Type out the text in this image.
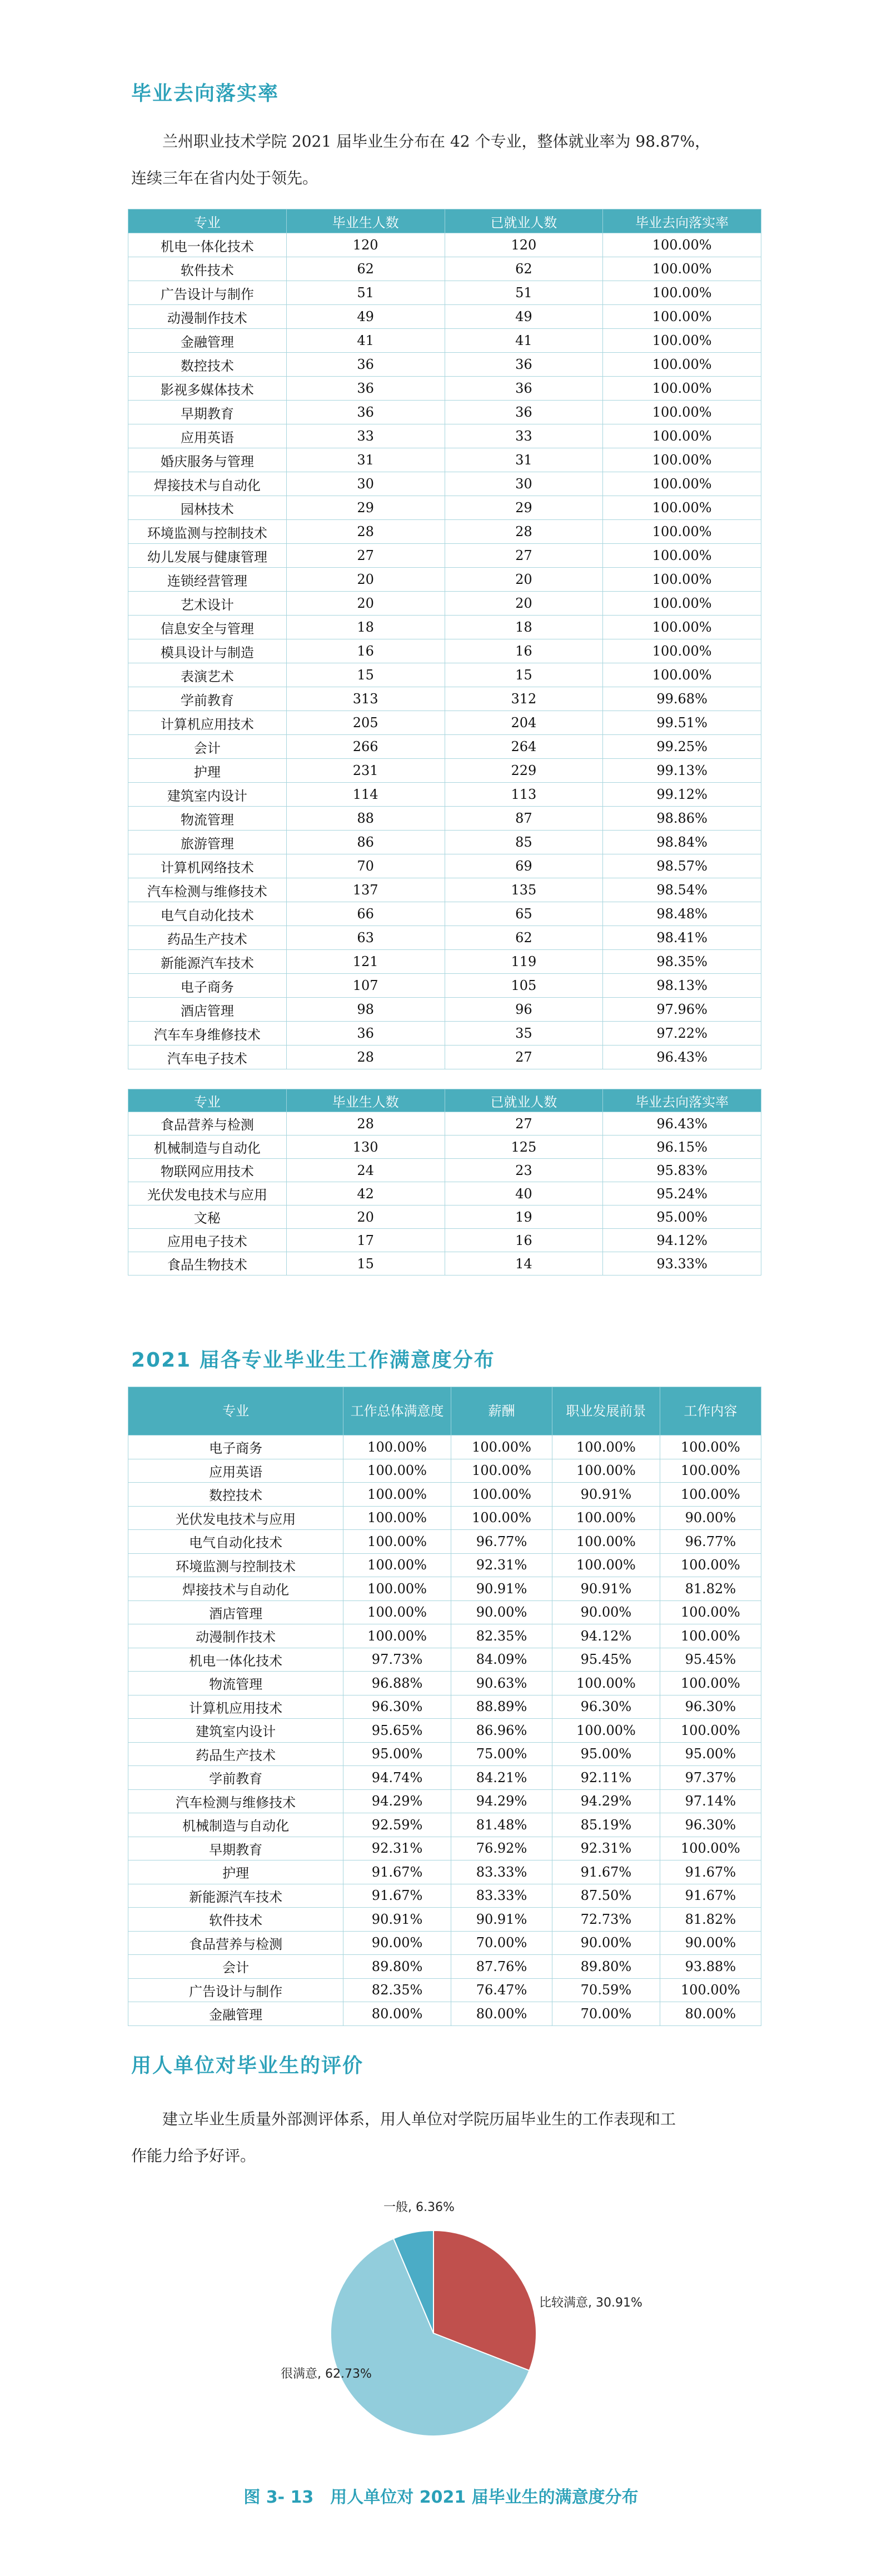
毕业去向落实率

兰州职业技术学院 2021 届毕业生分布在 42 个专业，整体就业率为 98.87%，

连续三年在省内处于领先。

专业	毕业生人数	已就业人数	毕业去向落实率
机电一体化技术	120	120	100.00%
软件技术	62	62	100.00%
广告设计与制作	51	51	100.00%
动漫制作技术	49	49	100.00%
金融管理	41	41	100.00%
数控技术	36	36	100.00%
影视多媒体技术	36	36	100.00%
早期教育	36	36	100.00%
应用英语	33	33	100.00%
婚庆服务与管理	31	31	100.00%
焊接技术与自动化	30	30	100.00%
园林技术	29	29	100.00%
环境监测与控制技术	28	28	100.00%
幼儿发展与健康管理	27	27	100.00%
连锁经营管理	20	20	100.00%
艺术设计	20	20	100.00%
信息安全与管理	18	18	100.00%
模具设计与制造	16	16	100.00%
表演艺术	15	15	100.00%
学前教育	313	312	99.68%
计算机应用技术	205	204	99.51%
会计	266	264	99.25%
护理	231	229	99.13%
建筑室内设计	114	113	99.12%
物流管理	88	87	98.86%
旅游管理	86	85	98.84%
计算机网络技术	70	69	98.57%
汽车检测与维修技术	137	135	98.54%
电气自动化技术	66	65	98.48%
药品生产技术	63	62	98.41%
新能源汽车技术	121	119	98.35%
电子商务	107	105	98.13%
酒店管理	98	96	97.96%
汽车车身维修技术	36	35	97.22%
汽车电子技术	28	27	96.43%
专业	毕业生人数	已就业人数	毕业去向落实率
食品营养与检测	28	27	96.43%
机械制造与自动化	130	125	96.15%
物联网应用技术	24	23	95.83%
光伏发电技术与应用	42	40	95.24%
文秘	20	19	95.00%
应用电子技术	17	16	94.12%
食品生物技术	15	14	93.33%
2021 届各专业毕业生工作满意度分布
专业	工作总体满意度	薪酬	职业发展前景	工作内容
电子商务	100.00%	100.00%	100.00%	100.00%
应用英语	100.00%	100.00%	100.00%	100.00%
数控技术	100.00%	100.00%	90.91%	100.00%
光伏发电技术与应用	100.00%	100.00%	100.00%	90.00%
电气自动化技术	100.00%	96.77%	100.00%	96.77%
环境监测与控制技术	100.00%	92.31%	100.00%	100.00%
焊接技术与自动化	100.00%	90.91%	90.91%	81.82%
酒店管理	100.00%	90.00%	90.00%	100.00%
动漫制作技术	100.00%	82.35%	94.12%	100.00%
机电一体化技术	97.73%	84.09%	95.45%	95.45%
物流管理	96.88%	90.63%	100.00%	100.00%
计算机应用技术	96.30%	88.89%	96.30%	96.30%
建筑室内设计	95.65%	86.96%	100.00%	100.00%
药品生产技术	95.00%	75.00%	95.00%	95.00%
学前教育	94.74%	84.21%	92.11%	97.37%
汽车检测与维修技术	94.29%	94.29%	94.29%	97.14%
机械制造与自动化	92.59%	81.48%	85.19%	96.30%
早期教育	92.31%	76.92%	92.31%	100.00%
护理	91.67%	83.33%	91.67%	91.67%
新能源汽车技术	91.67%	83.33%	87.50%	91.67%
软件技术	90.91%	90.91%	72.73%	81.82%
食品营养与检测	90.00%	70.00%	90.00%	90.00%
会计	89.80%	87.76%	89.80%	93.88%
广告设计与制作	82.35%	76.47%	70.59%	100.00%
金融管理	80.00%	80.00%	70.00%	80.00%
用人单位对毕业生的评价

建立毕业生质量外部测评体系，用人单位对学院历届毕业生的工作表现和工

作能力给予好评。

比较满意, 30.91%
很满意, 62.73%
一般, 6.36%
图 3- 13　用人单位对 2021 届毕业生的满意度分布
